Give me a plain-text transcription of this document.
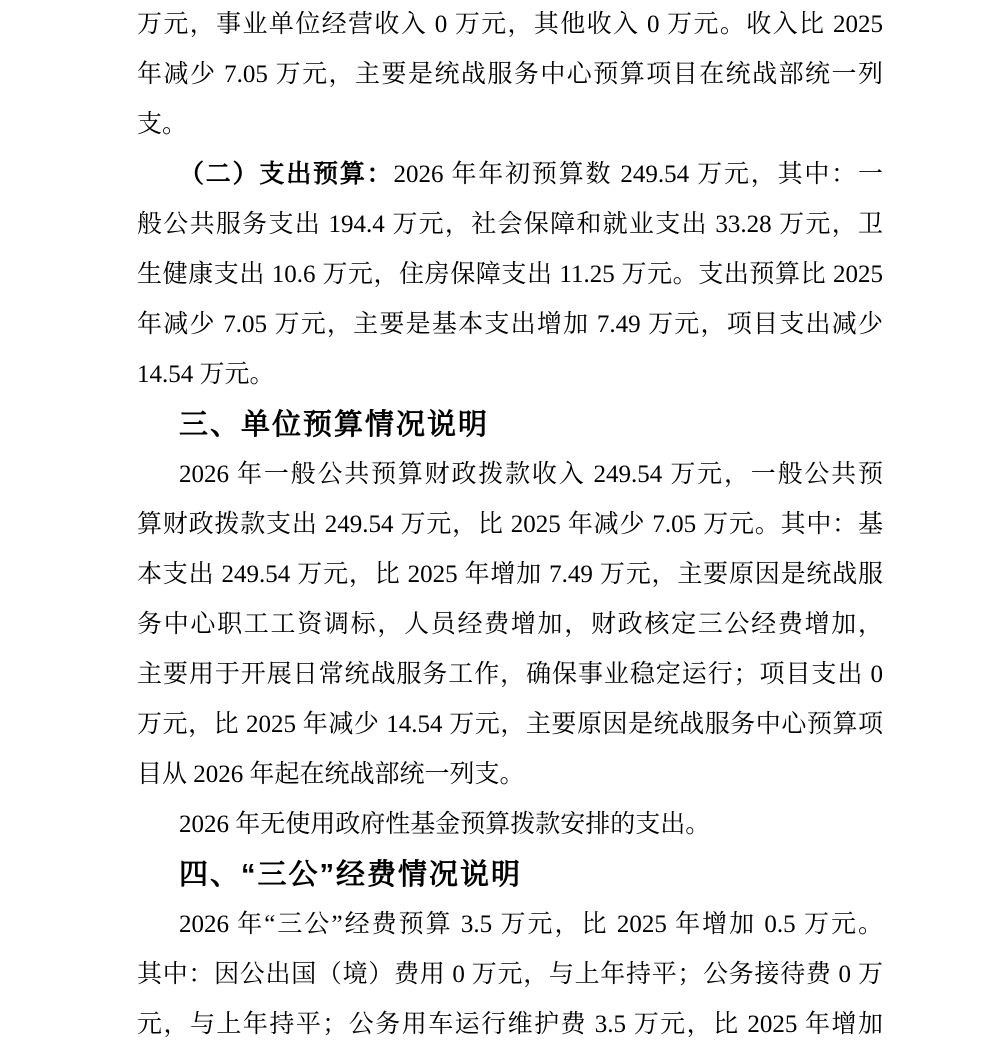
万元，事业单位经营收入 0 万元，其他收入 0 万元。收入比 2025
年减少 7.05 万元，主要是统战服务中心预算项目在统战部统一列
支。
（二）支出预算：2026 年年初预算数 249.54 万元，其中：一
般公共服务支出 194.4 万元，社会保障和就业支出 33.28 万元，卫
生健康支出 10.6 万元，住房保障支出 11.25 万元。支出预算比 2025
年减少 7.05 万元，主要是基本支出增加 7.49 万元，项目支出减少
14.54 万元。
三、单位预算情况说明
2026 年一般公共预算财政拨款收入 249.54 万元，一般公共预
算财政拨款支出 249.54 万元，比 2025 年减少 7.05 万元。其中：基
本支出 249.54 万元，比 2025 年增加 7.49 万元，主要原因是统战服
务中心职工工资调标，人员经费增加，财政核定三公经费增加，
主要用于开展日常统战服务工作，确保事业稳定运行；项目支出 0
万元，比 2025 年减少 14.54 万元，主要原因是统战服务中心预算项
目从 2026 年起在统战部统一列支。
2026 年无使用政府性基金预算拨款安排的支出。
四、“三公”经费情况说明
2026 年“三公”经费预算 3.5 万元，比 2025 年增加 0.5 万元。
其中：因公出国（境）费用 0 万元，与上年持平；公务接待费 0 万
元，与上年持平；公务用车运行维护费 3.5 万元，比 2025 年增加
